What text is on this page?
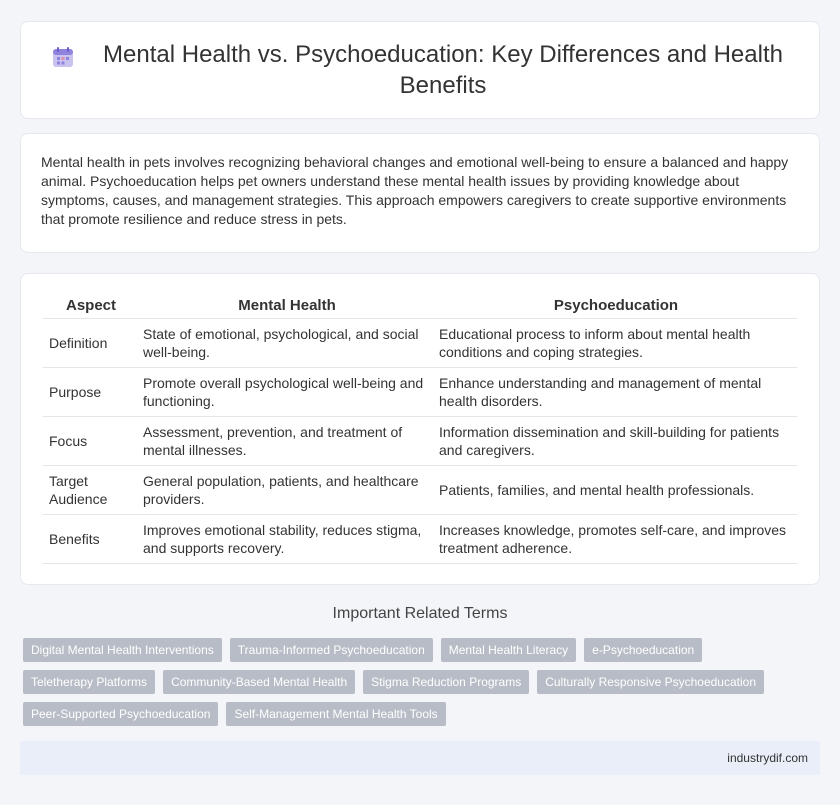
Mental Health vs. Psychoeducation: Key Differences and Health Benefits

Mental health in pets involves recognizing behavioral changes and emotional well-being to ensure a balanced and happy animal. Psychoeducation helps pet owners understand these mental health issues by providing knowledge about symptoms, causes, and management strategies. This approach empowers caregivers to create supportive environments that promote resilience and reduce stress in pets.

Aspect	Mental Health	Psychoeducation
Definition	State of emotional, psychological, and social well-being.	Educational process to inform about mental health conditions and coping strategies.
Purpose	Promote overall psychological well-being and functioning.	Enhance understanding and management of mental health disorders.
Focus	Assessment, prevention, and treatment of mental illnesses.	Information dissemination and skill-building for patients and caregivers.
Target Audience	General population, patients, and healthcare providers.	Patients, families, and mental health professionals.
Benefits	Improves emotional stability, reduces stigma, and supports recovery.	Increases knowledge, promotes self-care, and improves treatment adherence.
Important Related Terms
Digital Mental Health Interventions	Trauma-Informed Psychoeducation	Mental Health Literacy	e-Psychoeducation
Teletherapy Platforms	Community-Based Mental Health	Stigma Reduction Programs	Culturally Responsive Psychoeducation
Peer-Supported Psychoeducation	Self-Management Mental Health Tools
industrydif.com
